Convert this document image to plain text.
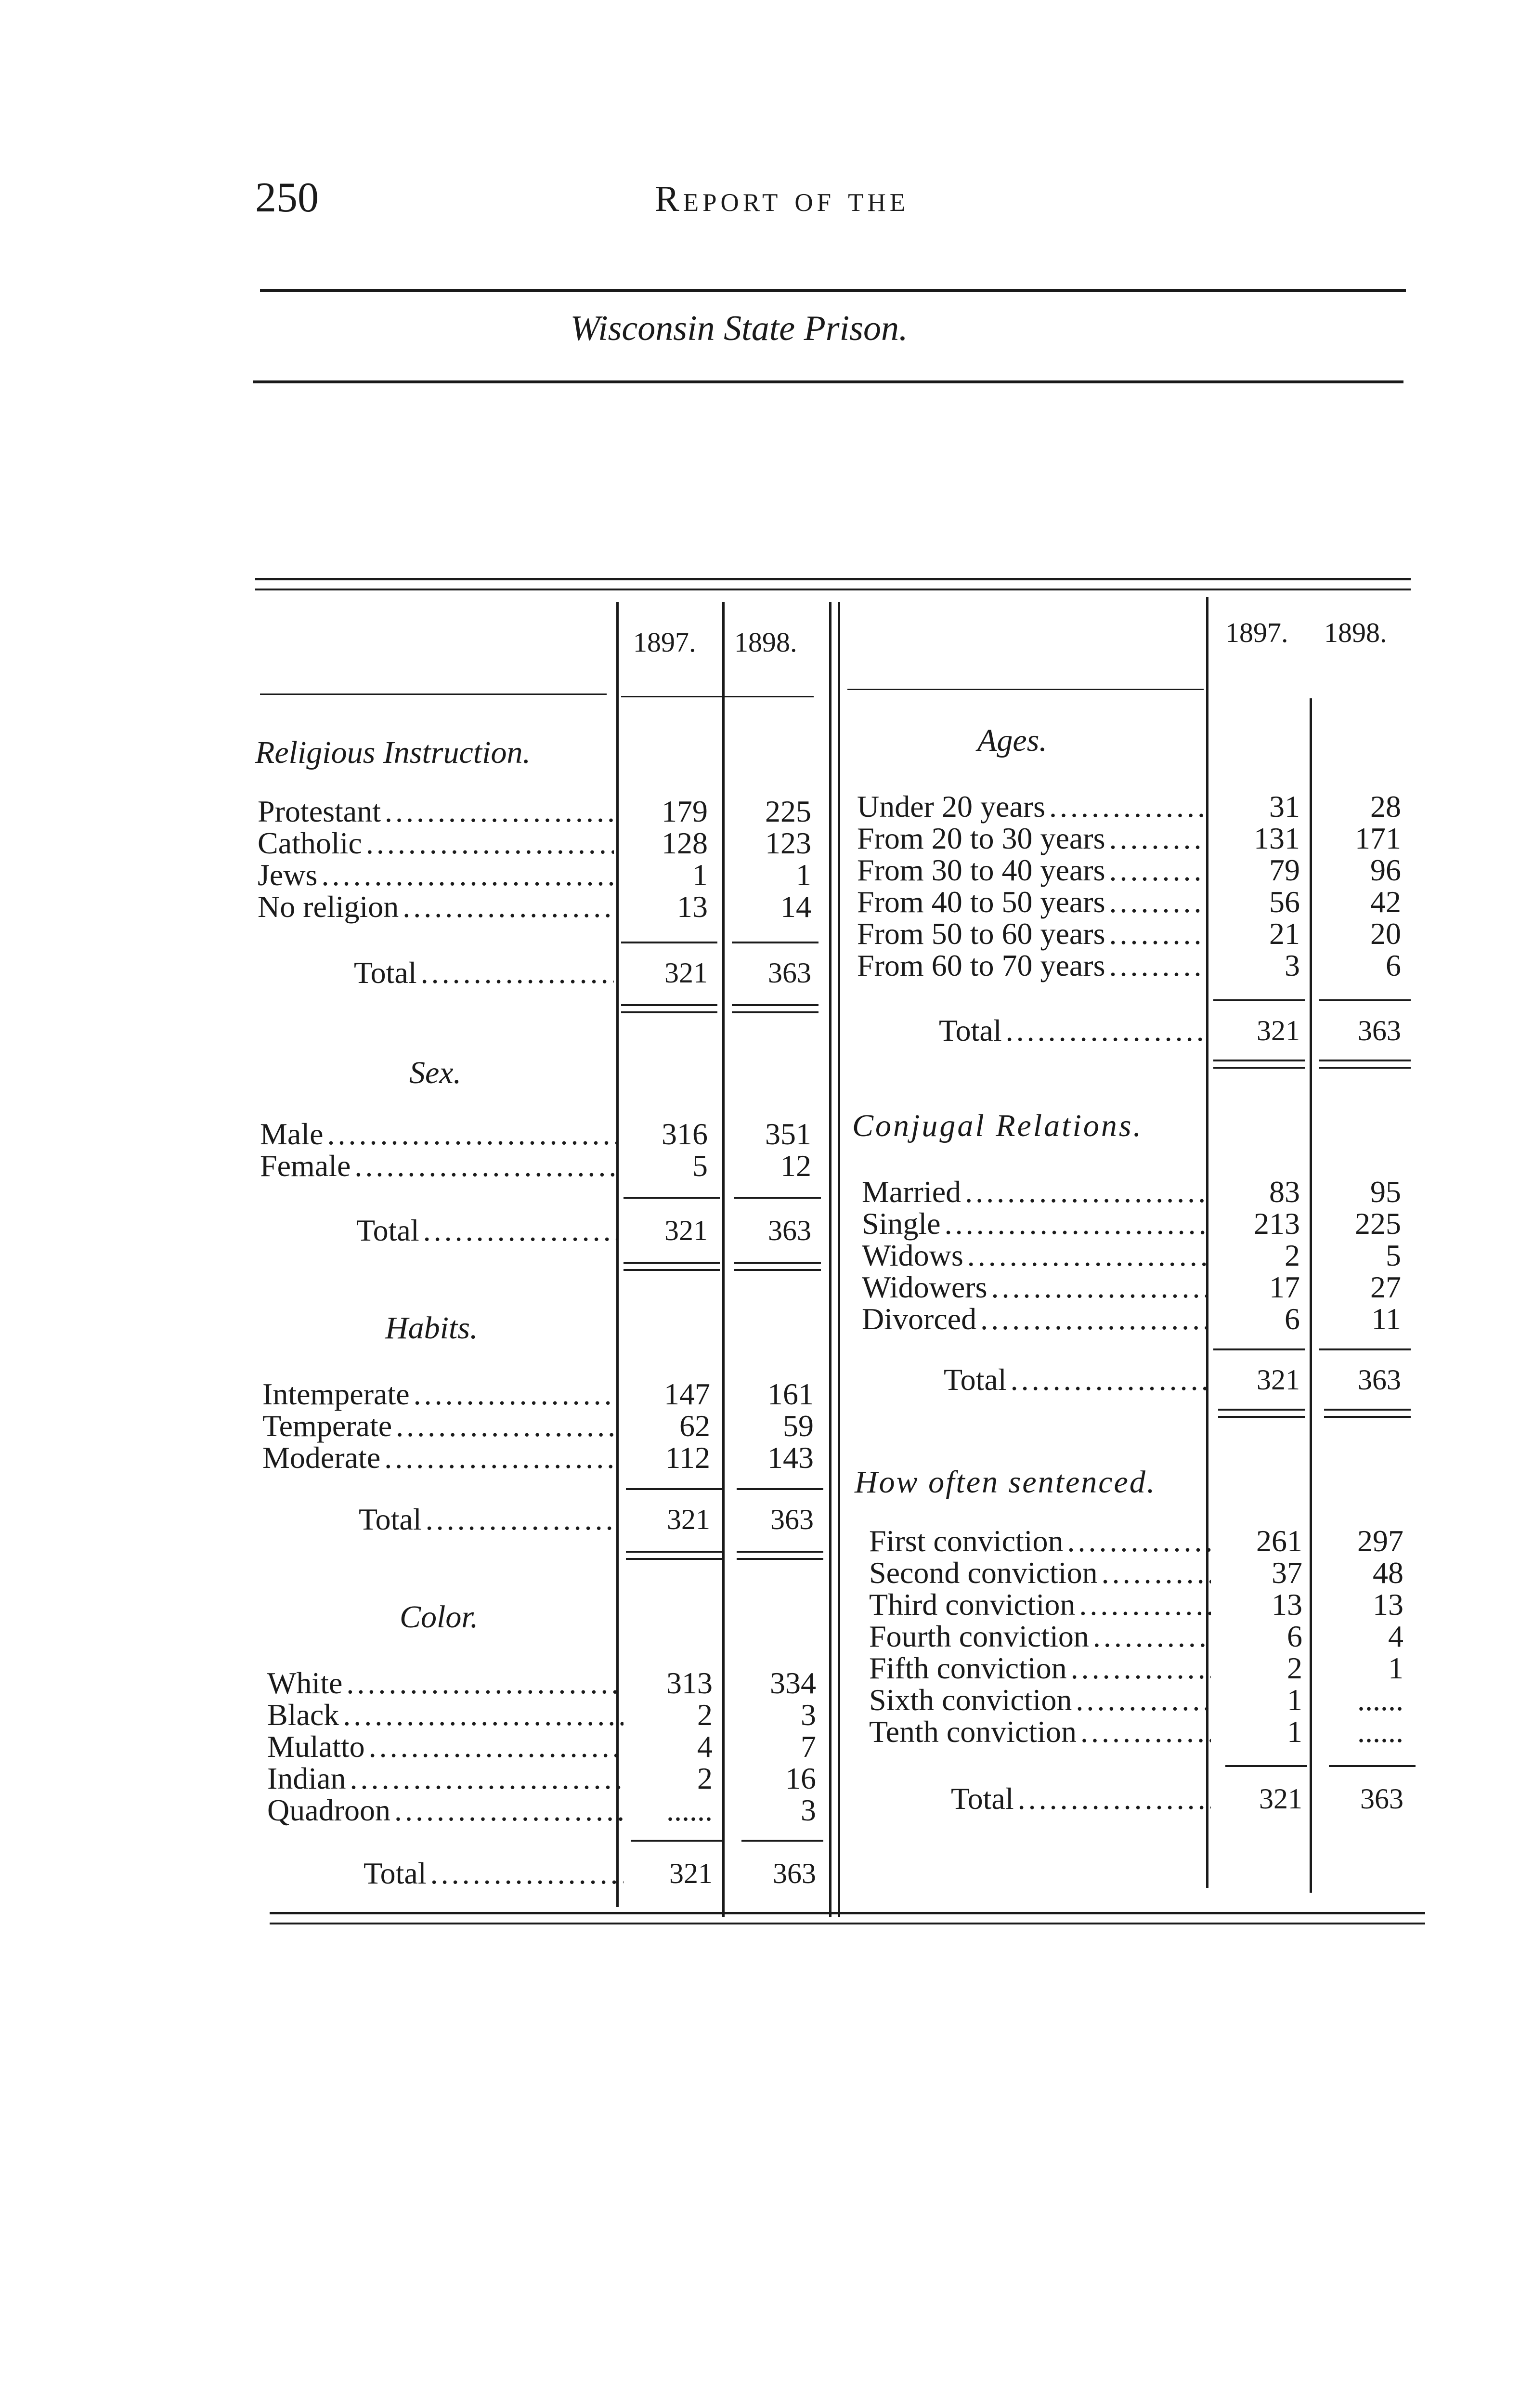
250	Report of the
Wisconsin State Prison.
1897. 1898.	1897. 1898.
Religious Instruction.
Protestant .....	179	225
Catholic .....	128	123
Jews .....	1	1
No religion .....	13	14
Total .....	321	363
Sex.
Male .....	316	351
Female .....	5	12
Total .....	321	363
Habits.
Intemperate .....	147	161
Temperate .....	62	59
Moderate .....	112	143
Total .....	321	363
Color.
White .....	313	334
Black .....	2	3
Mulatto .....	4	7
Indian .....	2	16
Quadroon .....	......	3
Total .....	321	363
Ages.
Under 20 years .....	31	28
From 20 to 30 years .....	131	171
From 30 to 40 years .....	79	96
From 40 to 50 years .....	56	42
From 50 to 60 years .....	21	20
From 60 to 70 years .....	3	6
Total .....	321	363
Conjugal Relations.
Married .....	83	95
Single .....	213	225
Widows .....	2	5
Widowers .....	17	27
Divorced .....	6	11
Total .....	321	363
How often sentenced.
First conviction .....	261	297
Second conviction .....	37	48
Third conviction .....	13	13
Fourth conviction .....	6	4
Fifth conviction .....	2	1
Sixth conviction .....	1	......
Tenth conviction .....	1	......
Total .....	321	363
